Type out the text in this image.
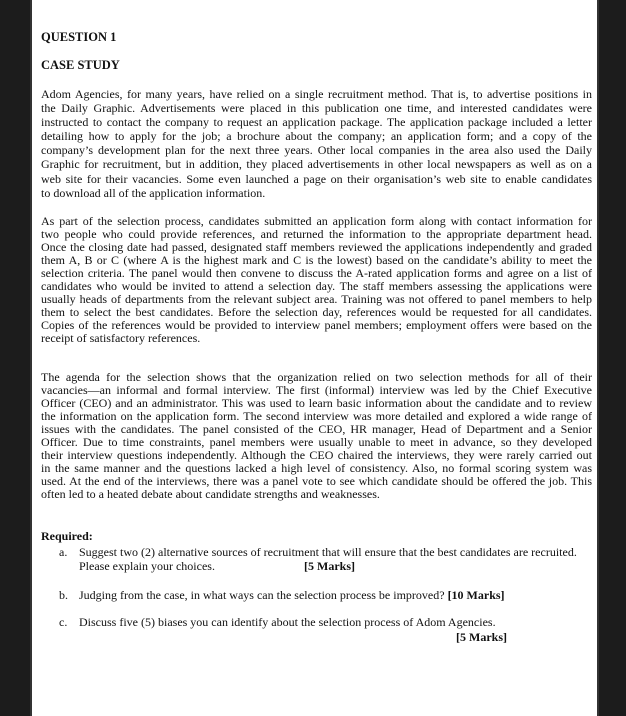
QUESTION 1
CASE STUDY
Adom Agencies, for many years, have relied on a single recruitment method. That is, to advertise positions in
the Daily Graphic. Advertisements were placed in this publication one time, and interested candidates were
instructed to contact the company to request an application package. The application package included a letter
detailing how to apply for the job; a brochure about the company; an application form; and a copy of the
company’s development plan for the next three years. Other local companies in the area also used the Daily
Graphic for recruitment, but in addition, they placed advertisements in other local newspapers as well as on a
web site for their vacancies. Some even launched a page on their organisation’s web site to enable candidates
to download all of the application information.
As part of the selection process, candidates submitted an application form along with contact information for
two people who could provide references, and returned the information to the appropriate department head.
Once the closing date had passed, designated staff members reviewed the applications independently and graded
them A, B or C (where A is the highest mark and C is the lowest) based on the candidate’s ability to meet the
selection criteria. The panel would then convene to discuss the A-rated application forms and agree on a list of
candidates who would be invited to attend a selection day. The staff members assessing the applications were
usually heads of departments from the relevant subject area. Training was not offered to panel members to help
them to select the best candidates. Before the selection day, references would be requested for all candidates.
Copies of the references would be provided to interview panel members; employment offers were based on the
receipt of satisfactory references.
The agenda for the selection shows that the organization relied on two selection methods for all of their
vacancies—an informal and formal interview. The first (informal) interview was led by the Chief Executive
Officer (CEO) and an administrator. This was used to learn basic information about the candidate and to review
the information on the application form. The second interview was more detailed and explored a wide range of
issues with the candidates. The panel consisted of the CEO, HR manager, Head of Department and a Senior
Officer. Due to time constraints, panel members were usually unable to meet in advance, so they developed
their interview questions independently. Although the CEO chaired the interviews, they were rarely carried out
in the same manner and the questions lacked a high level of consistency. Also, no formal scoring system was
used. At the end of the interviews, there was a panel vote to see which candidate should be offered the job. This
often led to a heated debate about candidate strengths and weaknesses.
Required:
a. Suggest two (2) alternative sources of recruitment that will ensure that the best candidates are recruited.
Please explain your choices.	[5 Marks]
b. Judging from the case, in what ways can the selection process be improved? [10 Marks]
c. Discuss five (5) biases you can identify about the selection process of Adom Agencies.
[5 Marks]
